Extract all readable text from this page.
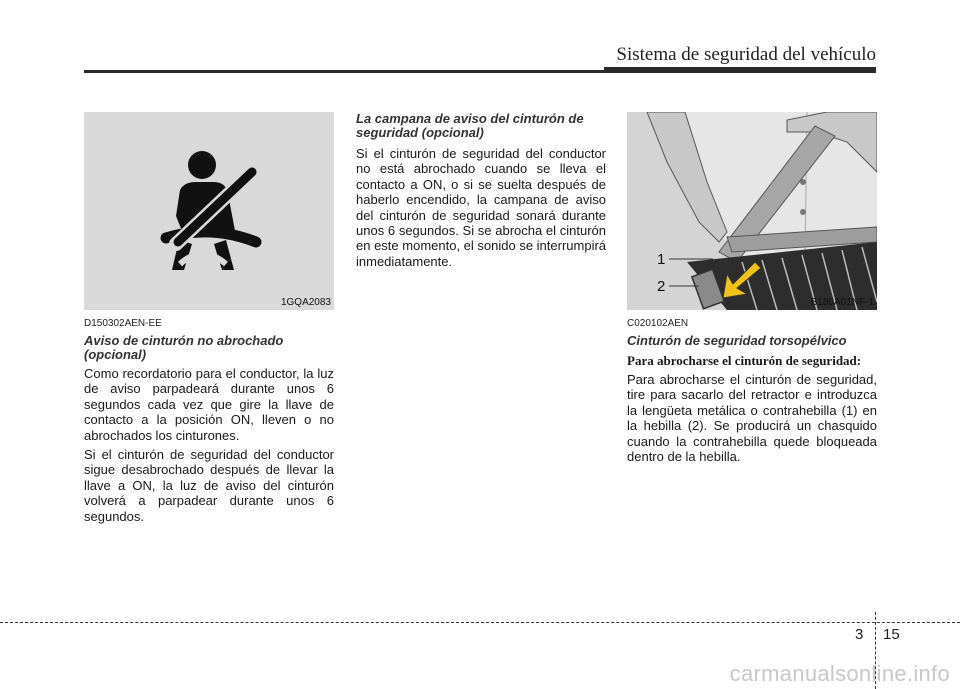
Sistema de seguridad del vehículo
1GQA2083
D150302AEN-EE
Aviso de cinturón no abrochado (opcional)

Como recordatorio para el conductor, la luz de aviso parpadeará durante unos 6 segundos cada vez que gire la llave de contacto a la posición ON, lleven o no abrochados los cinturones.

Si el cinturón de seguridad del conductor sigue desabrochado después de llevar la llave a ON, la luz de aviso del cinturón volverá a parpadear durante unos 6 segundos.

La campana de aviso del cinturón de seguridad (opcional)

Si el cinturón de seguridad del conductor no está abrochado cuando se lleva el contacto a ON, o si se suelta después de haberlo encendido, la campana de aviso del cinturón de seguridad sonará durante unos 6 segundos. Si se abrocha el cinturón en este momento, el sonido se interrumpirá inmediatamente.	1
2
B180A01NF-1
C020102AEN
Cinturón de seguridad torsopélvico
Para abrocharse el cinturón de seguridad:

Para abrocharse el cinturón de seguridad, tire para sacarlo del retractor e introduzca la lengüeta metálica o contrahebilla (1) en la hebilla (2). Se producirá un chasquido cuando la contrahebilla quede bloqueada dentro de la hebilla.

3 15
carmanualsonline.info
